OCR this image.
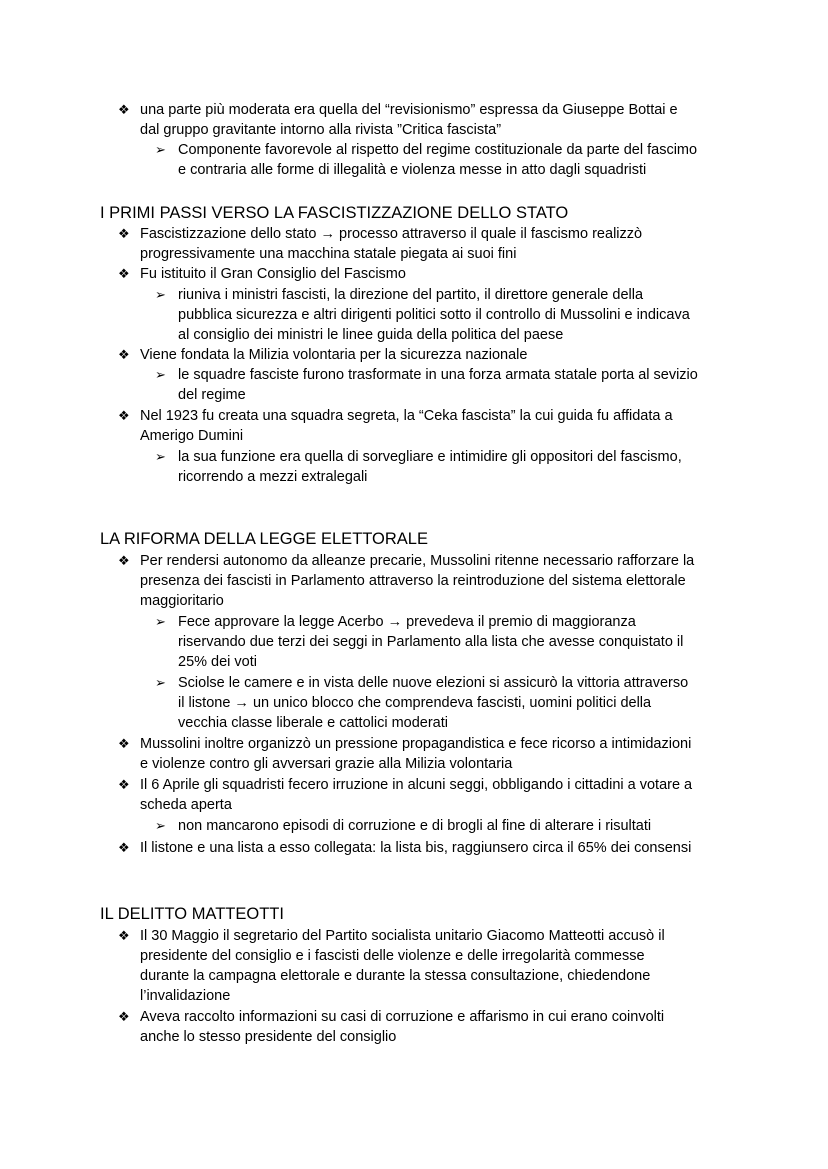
❖ una parte più moderata era quella del “revisionismo” espressa da Giuseppe Bottai e
dal gruppo gravitante intorno alla rivista ”Critica fascista”
➢ Componente favorevole al rispetto del regime costituzionale da parte del fascimo
e contraria alle forme di illegalità e violenza messe in atto dagli squadristi
I PRIMI PASSI VERSO LA FASCISTIZZAZIONE DELLO STATO
❖ Fascistizzazione dello stato → processo attraverso il quale il fascismo realizzò
progressivamente una macchina statale piegata ai suoi fini
❖ Fu istituito il Gran Consiglio del Fascismo
➢ riuniva i ministri fascisti, la direzione del partito, il direttore generale della
pubblica sicurezza e altri dirigenti politici sotto il controllo di Mussolini e indicava
al consiglio dei ministri le linee guida della politica del paese
❖ Viene fondata la Milizia volontaria per la sicurezza nazionale
➢ le squadre fasciste furono trasformate in una forza armata statale porta al sevizio
del regime
❖ Nel 1923 fu creata una squadra segreta, la “Ceka fascista” la cui guida fu affidata a
Amerigo Dumini
➢ la sua funzione era quella di sorvegliare e intimidire gli oppositori del fascismo,
ricorrendo a mezzi extralegali
LA RIFORMA DELLA LEGGE ELETTORALE
❖ Per rendersi autonomo da alleanze precarie, Mussolini ritenne necessario rafforzare la
presenza dei fascisti in Parlamento attraverso la reintroduzione del sistema elettorale
maggioritario
➢ Fece approvare la legge Acerbo → prevedeva il premio di maggioranza
riservando due terzi dei seggi in Parlamento alla lista che avesse conquistato il
25% dei voti
➢ Sciolse le camere e in vista delle nuove elezioni si assicurò la vittoria attraverso
il listone → un unico blocco che comprendeva fascisti, uomini politici della
vecchia classe liberale e cattolici moderati
❖ Mussolini inoltre organizzò un pressione propagandistica e fece ricorso a intimidazioni
e violenze contro gli avversari grazie alla Milizia volontaria
❖ Il 6 Aprile gli squadristi fecero irruzione in alcuni seggi, obbligando i cittadini a votare a
scheda aperta
➢ non mancarono episodi di corruzione e di brogli al fine di alterare i risultati
❖ Il listone e una lista a esso collegata: la lista bis, raggiunsero circa il 65% dei consensi
IL DELITTO MATTEOTTI
❖ Il 30 Maggio il segretario del Partito socialista unitario Giacomo Matteotti accusò il
presidente del consiglio e i fascisti delle violenze e delle irregolarità commesse
durante la campagna elettorale e durante la stessa consultazione, chiedendone
l’invalidazione
❖ Aveva raccolto informazioni su casi di corruzione e affarismo in cui erano coinvolti
anche lo stesso presidente del consiglio
